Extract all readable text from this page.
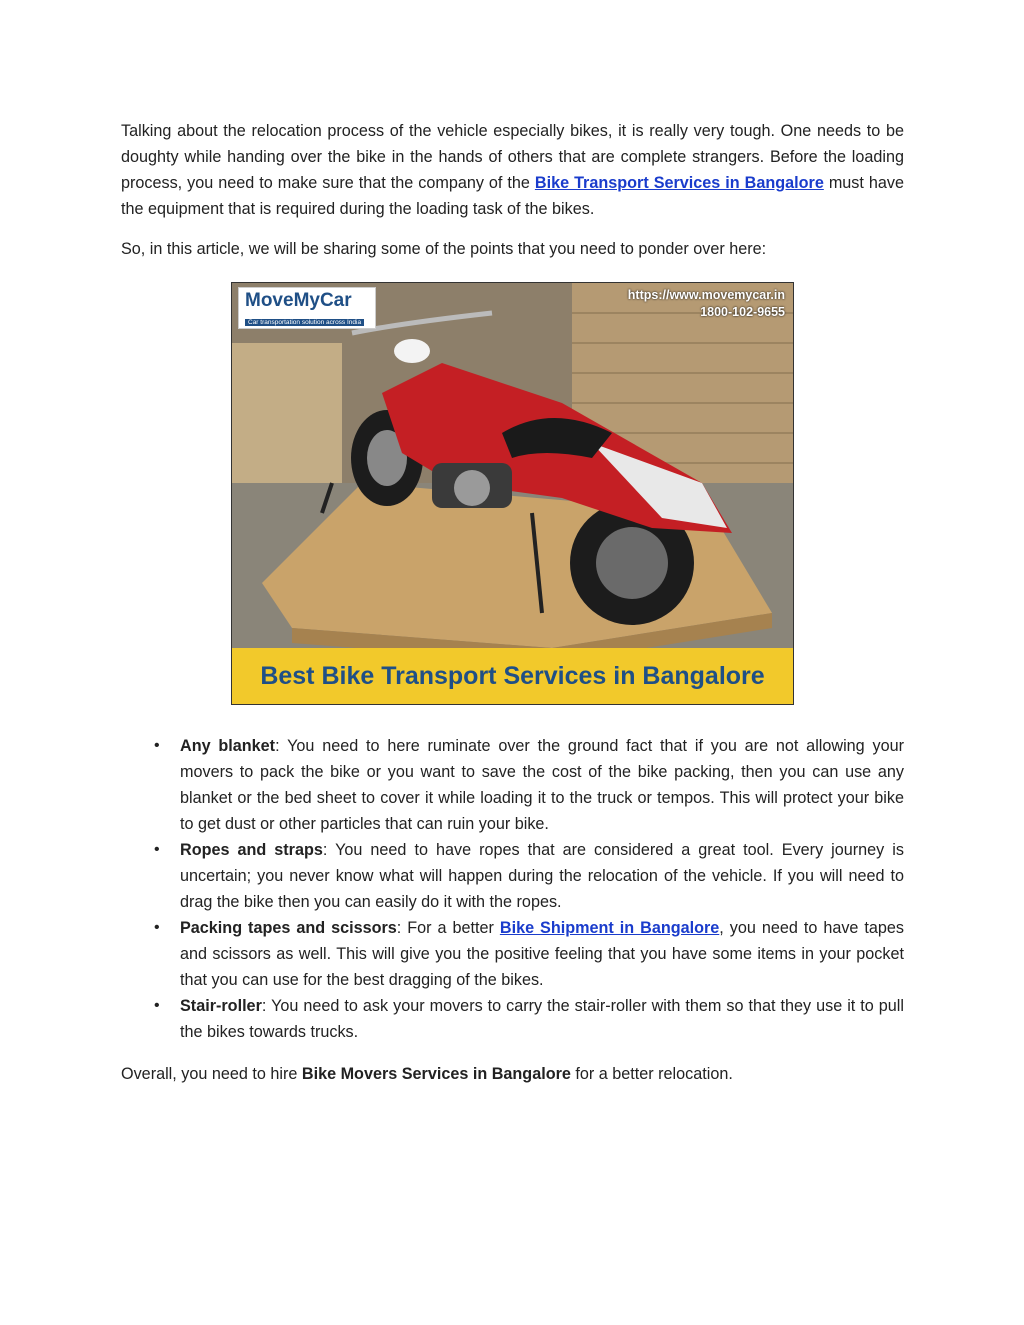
Talking about the relocation process of the vehicle especially bikes, it is really very tough. One needs to be doughty while handing over the bike in the hands of others that are complete strangers. Before the loading process, you need to make sure that the company of the Bike Transport Services in Bangalore must have the equipment that is required during the loading task of the bikes.

So, in this article, we will be sharing some of the points that you need to ponder over here:

MoveMyCar
Car transportation solution across India
https://www.movemycar.in
1800-102-9655
Best Bike Transport Services in Bangalore
• Any blanket: You need to here ruminate over the ground fact that if you are not allowing your movers to pack the bike or you want to save the cost of the bike packing, then you can use any blanket or the bed sheet to cover it while loading it to the truck or tempos. This will protect your bike to get dust or other particles that can ruin your bike.
• Ropes and straps: You need to have ropes that are considered a great tool. Every journey is uncertain; you never know what will happen during the relocation of the vehicle. If you will need to drag the bike then you can easily do it with the ropes.
• Packing tapes and scissors: For a better Bike Shipment in Bangalore, you need to have tapes and scissors as well. This will give you the positive feeling that you have some items in your pocket that you can use for the best dragging of the bikes.
• Stair-roller: You need to ask your movers to carry the stair-roller with them so that they use it to pull the bikes towards trucks.

Overall, you need to hire Bike Movers Services in Bangalore for a better relocation.
